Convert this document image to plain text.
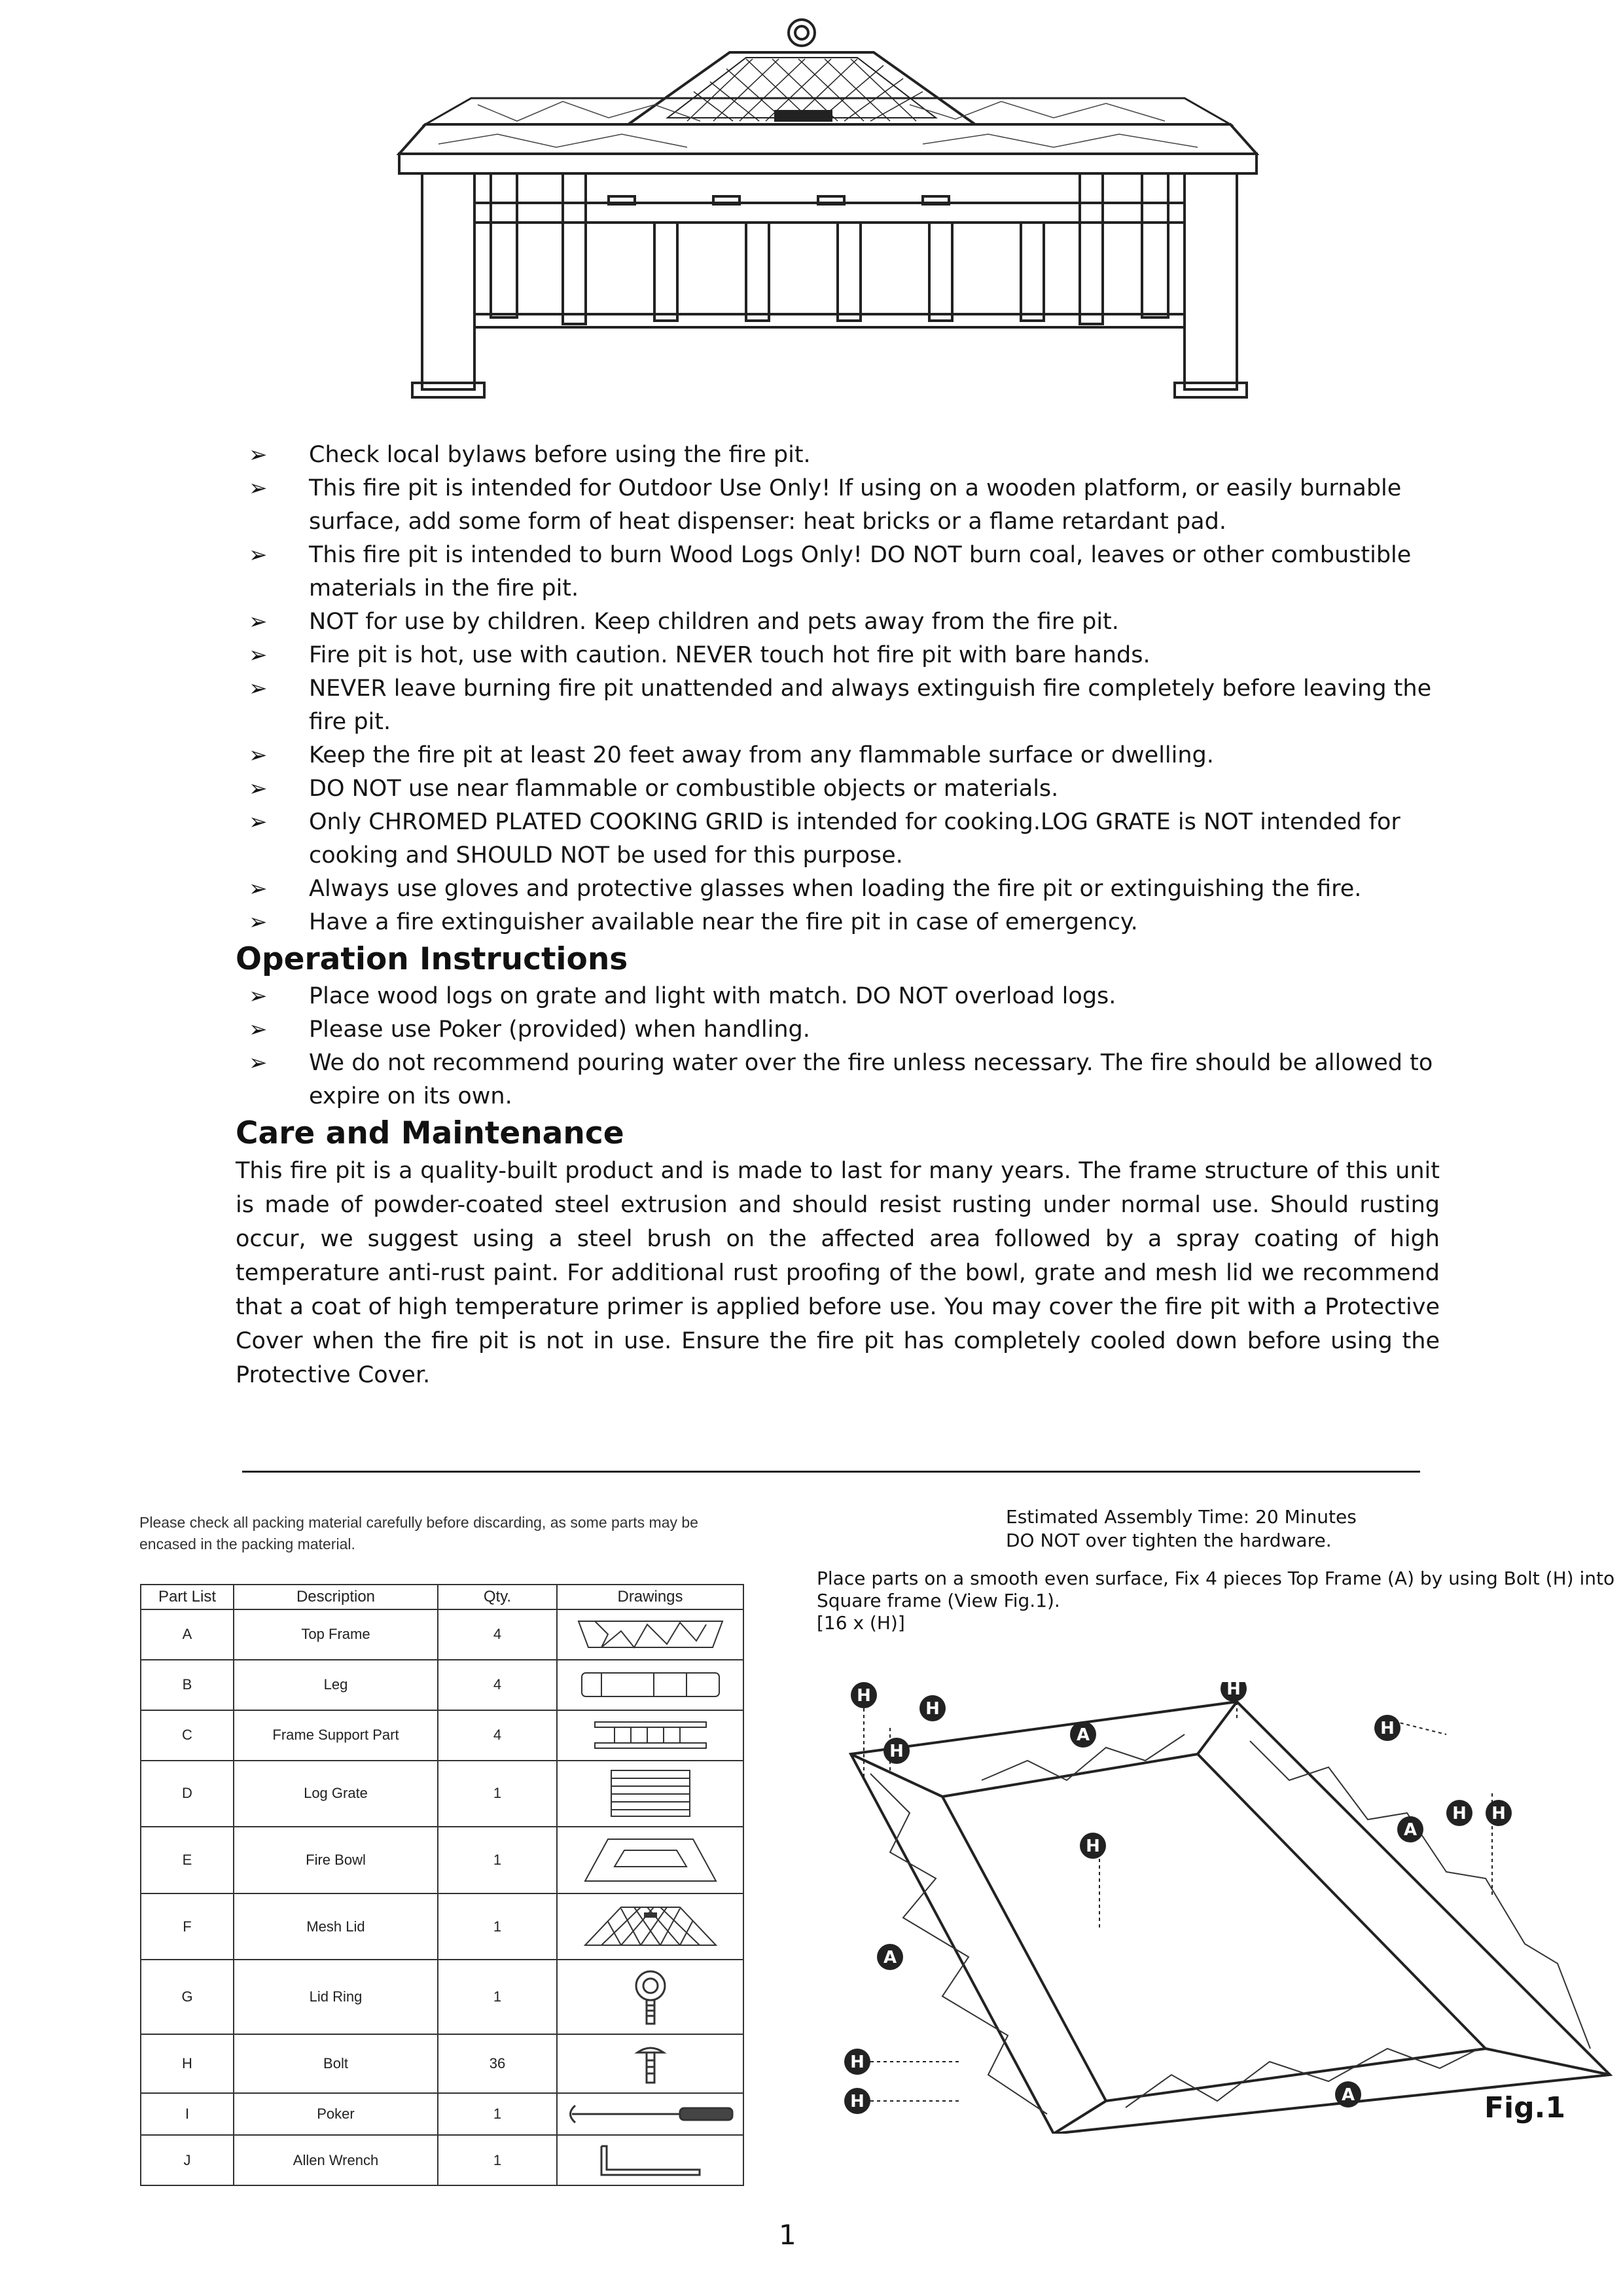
➢ Check local bylaws before using the fire pit.
➢ This fire pit is intended for Outdoor Use Only! If using on a wooden platform, or easily burnable surface, add some form of heat dispenser: heat bricks or a flame retardant pad.
➢ This fire pit is intended to burn Wood Logs Only! DO NOT burn coal, leaves or other combustible materials in the fire pit.
➢ NOT for use by children. Keep children and pets away from the fire pit.
➢ Fire pit is hot, use with caution. NEVER touch hot fire pit with bare hands.
➢ NEVER leave burning fire pit unattended and always extinguish fire completely before leaving the fire pit.
➢ Keep the fire pit at least 20 feet away from any flammable surface or dwelling.
➢ DO NOT use near flammable or combustible objects or materials.
➢ Only CHROMED PLATED COOKING GRID is intended for cooking.LOG GRATE is NOT intended for cooking and SHOULD NOT be used for this purpose.
➢ Always use gloves and protective glasses when loading the fire pit or extinguishing the fire.
➢ Have a fire extinguisher available near the fire pit in case of emergency.
Operation Instructions
➢ Place wood logs on grate and light with match. DO NOT overload logs.
➢ Please use Poker (provided) when handling.
➢ We do not recommend pouring water over the fire unless necessary. The fire should be allowed to expire on its own.
Care and Maintenance
This fire pit is a quality-built product and is made to last for many years. The frame structure of this unit is made of powder-coated steel extrusion and should resist rusting under normal use. Should rusting occur, we suggest using a steel brush on the affected area followed by a spray coating of high temperature anti-rust paint. For additional rust proofing of the bowl, grate and mesh lid we recommend that a coat of high temperature primer is applied before use. You may cover the fire pit with a Protective Cover when the fire pit is not in use. Ensure the fire pit has completely cooled down before using the Protective Cover.
Please check all packing material carefully before discarding, as some parts may be encased in the packing material.
Estimated Assembly Time: 20 Minutes
DO NOT over tighten the hardware.
Place parts on a smooth even surface, Fix 4 pieces Top Frame (A) by using Bolt (H) into Square frame (View Fig.1).
[16 x (H)]
Part List	Description	Qty.	Drawings
A	Top Frame	4	

B	Leg	4	

C	Frame Support Part	4	

D	Log Grate	1	

E	Fire Bowl	1	

F	Mesh Lid	1	

G	Lid Ring	1	

H	Bolt	36	

I	Poker	1	

J	Allen Wrench	1	
H
H
H
H
H
H H
H
H
H
A
A
A
A	Fig.1
1
